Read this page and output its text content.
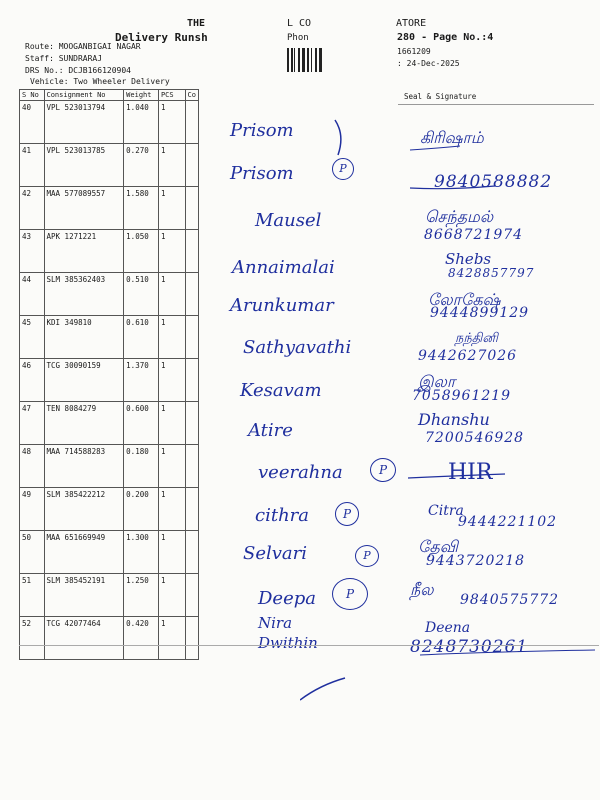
THE	L CO	ATORE
Delivery Runsh	Phon	280 - Page No.:4
1661209
: 24-Dec-2025
Route: MOOGANBIGAI NAGAR
Staff: SUNDRARAJ
DRS No.: DCJB166120904
Vehicle: Two Wheeler Delivery
S No	Consignment No	Weight	PCS	Co
40	VPL 523013794	1.040	1	
41	VPL 523013785	0.270	1	
42	MAA 577089557	1.580	1	
43	APK 1271221	1.050	1	
44	SLM 385362403	0.510	1	
45	KDI 349810	0.610	1	
46	TCG 30090159	1.370	1	
47	TEN 8084279	0.600	1	
48	MAA 714588283	0.180	1	
49	SLM 385422212	0.200	1	
50	MAA 651669949	1.300	1	
51	SLM 385452191	1.250	1	
52	TCG 42077464	0.420	1	
Seal & Signature
Prisom
Prisom
Mausel
Annaimalai
Arunkumar
Sathyavathi
Kesavam
Atire
veerahna
cithra
Selvari
Deepa
Nira
Dwithin
P
P
P
P
P
கிரிஷாம்
செந்தமல்
Shebs
லோகேஷ்
நந்தினி
இலா
Dhanshu
HIR
Citra
தேவி
நீல
Deena
9840588882
8668721974
8428857797
9444899129
9442627026
7058961219
7200546928
9444221102
9443720218
9840575772
8248730261
